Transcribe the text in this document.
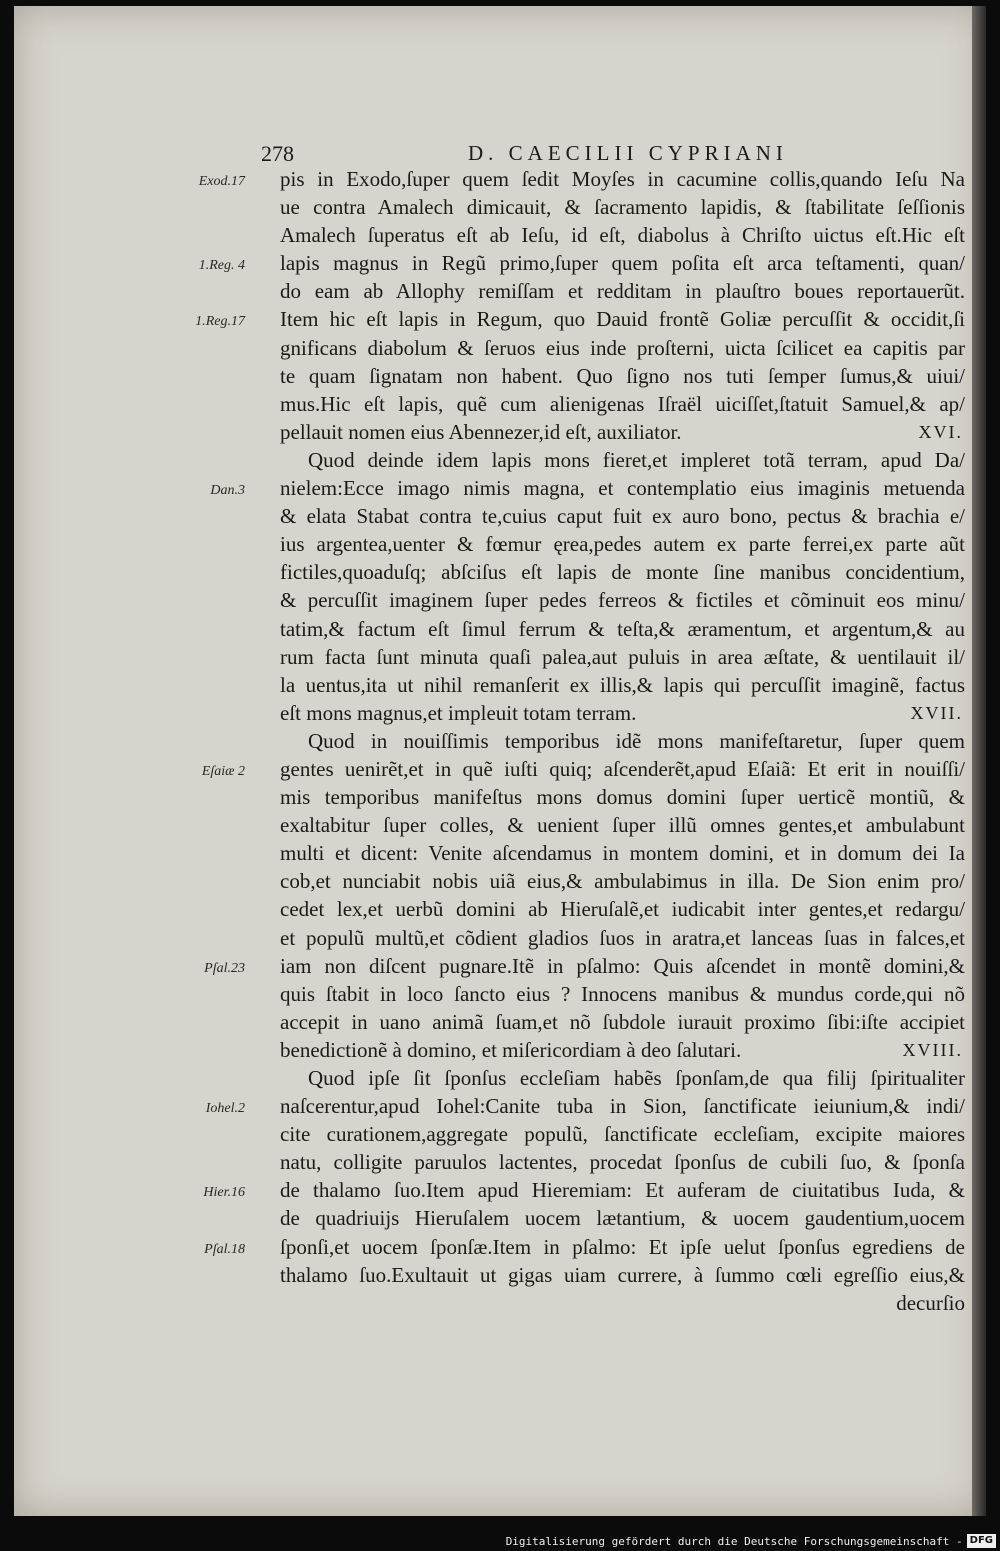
278	D. CAECILII CYPRIANI
pis in Exodo,ſuper quem ſedit Moyſes in cacumine collis,quando Ieſu Na
Exod.17
ue contra Amalech dimicauit, & ſacramento lapidis, & ſtabilitate ſeſſionis
Amalech ſuperatus eſt ab Ieſu, id eſt, diabolus à Chriſto uictus eſt.Hic eſt
lapis magnus in Regũ primo,ſuper quem poſita eſt arca teſtamenti, quan/
1.Reg. 4
do eam ab Allophy remiſſam et redditam in plauſtro boues reportauerũt.
Item hic eſt lapis in Regum, quo Dauid frontẽ Goliæ percuſſit & occidit,ſi
1.Reg.17
gnificans diabolum & ſeruos eius inde proſterni, uicta ſcilicet ea capitis par
te quam ſignatam non habent. Quo ſigno nos tuti ſemper ſumus,& uiui/
mus.Hic eſt lapis, quẽ cum alienigenas Iſraël uiciſſet,ſtatuit Samuel,& ap/
pellauit nomen eius Abennezer,id eſt, auxiliator.	XVI.
Quod deinde idem lapis mons fieret,et impleret totã terram, apud Da/
nielem:Ecce imago nimis magna, et contemplatio eius imaginis metuenda
Dan.3
& elata Stabat contra te,cuius caput fuit ex auro bono, pectus & brachia e/
ius argentea,uenter & fœmur ęrea,pedes autem ex parte ferrei,ex parte aũt
fictiles,quoaduſq; abſciſus eſt lapis de monte ſine manibus concidentium,
& percuſſit imaginem ſuper pedes ferreos & fictiles et cõminuit eos minu/
tatim,& factum eſt ſimul ferrum & teſta,& æramentum, et argentum,& au
rum facta ſunt minuta quaſi palea,aut puluis in area æſtate, & uentilauit il/
la uentus,ita ut nihil remanſerit ex illis,& lapis qui percuſſit imaginẽ, factus
eſt mons magnus,et impleuit totam terram.	XVII.
Quod in nouiſſimis temporibus idẽ mons manifeſtaretur, ſuper quem
gentes uenirẽt,et in quẽ iuſti quiq; aſcenderẽt,apud Eſaiã: Et erit in nouiſſi/
Eſaiæ 2
mis temporibus manifeſtus mons domus domini ſuper uerticẽ montiũ, &
exaltabitur ſuper colles, & uenient ſuper illũ omnes gentes,et ambulabunt
multi et dicent: Venite aſcendamus in montem domini, et in domum dei Ia
cob,et nunciabit nobis uiã eius,& ambulabimus in illa. De Sion enim pro/
cedet lex,et uerbũ domini ab Hieruſalẽ,et iudicabit inter gentes,et redargu/
et populũ multũ,et cõdient gladios ſuos in aratra,et lanceas ſuas in falces,et
iam non diſcent pugnare.Itẽ in pſalmo: Quis aſcendet in montẽ domini,&
Pſal.23
quis ſtabit in loco ſancto eius ? Innocens manibus & mundus corde,qui nõ
accepit in uano animã ſuam,et nõ ſubdole iurauit proximo ſibi:iſte accipiet
benedictionẽ à domino, et miſericordiam à deo ſalutari.	XVIII.
Quod ipſe ſit ſponſus eccleſiam habẽs ſponſam,de qua filij ſpiritualiter
naſcerentur,apud Iohel:Canite tuba in Sion, ſanctificate ieiunium,& indi/
Iohel.2
cite curationem,aggregate populũ, ſanctificate eccleſiam, excipite maiores
natu, colligite paruulos lactentes, procedat ſponſus de cubili ſuo, & ſponſa
de thalamo ſuo.Item apud Hieremiam: Et auferam de ciuitatibus Iuda, &
Hier.16
de quadriuijs Hieruſalem uocem lætantium, & uocem gaudentium,uocem
ſponſi,et uocem ſponſæ.Item in pſalmo: Et ipſe uelut ſponſus egrediens de
Pſal.18
thalamo ſuo.Exultauit ut gigas uiam currere, à ſummo cœli egreſſio eius,&
decurſio
Digitalisierung gefördert durch die Deutsche Forschungsgemeinschaft - DFG
